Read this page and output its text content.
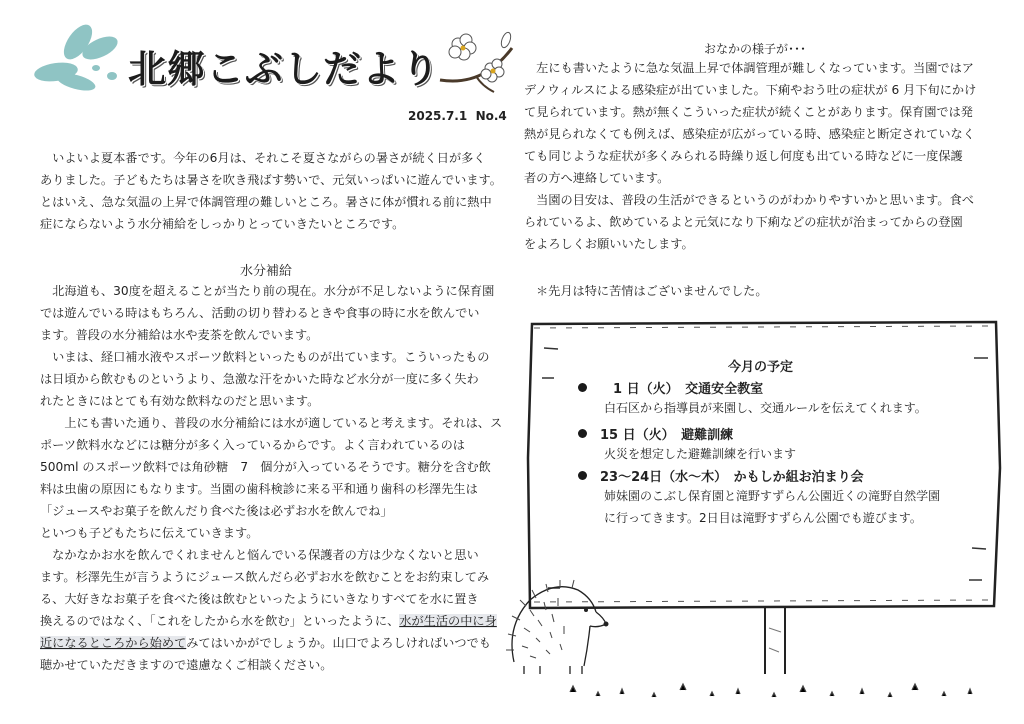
北郷こぶしだより
2025.7.1 No.4
　いよいよ夏本番です。今年の6月は、それこそ夏さながらの暑さが続く日が多く
ありました。子どもたちは暑さを吹き飛ばす勢いで、元気いっぱいに遊んでいます。
とはいえ、急な気温の上昇で体調管理の難しいところ。暑さに体が慣れる前に熱中
症にならないよう水分補給をしっかりとっていきたいところです。
水分補給
　北海道も、30度を超えることが当たり前の現在。水分が不足しないように保育園
では遊んでいる時はもちろん、活動の切り替わるときや食事の時に水を飲んでい
ます。普段の水分補給は水や麦茶を飲んでいます。
　いまは、経口補水液やスポーツ飲料といったものが出ています。こういったもの
は日頃から飲むものというより、急激な汗をかいた時など水分が一度に多く失わ
れたときにはとても有効な飲料なのだと思います。
　　上にも書いた通り、普段の水分補給には水が適していると考えます。それは、ス
ポーツ飲料水などには糖分が多く入っているからです。よく言われているのは
500ml のスポーツ飲料では角砂糖　7　個分が入っているそうです。糖分を含む飲
料は虫歯の原因にもなります。当園の歯科検診に来る平和通り歯科の杉澤先生は
「ジュースやお菓子を飲んだり食べた後は必ずお水を飲んでね」
といつも子どもたちに伝えていきます。
　なかなかお水を飲んでくれませんと悩んでいる保護者の方は少なくないと思い
ます。杉澤先生が言うようにジュース飲んだら必ずお水を飲むことをお約束してみ
る、大好きなお菓子を食べた後は飲むといったようにいきなりすべてを水に置き
換えるのではなく、「これをしたから水を飲む」といったように、水が生活の中に身
近になるところから始めてみてはいかがでしょうか。山口でよろしければいつでも
聴かせていただきますので遠慮なくご相談ください。
おなかの様子が･･･
　左にも書いたように急な気温上昇で体調管理が難しくなっています。当園ではア
デノウィルスによる感染症が出ていました。下痢やおう吐の症状が 6 月下旬にかけ
て見られています。熱が無くこういった症状が続くことがあります。保育園では発
熱が見られなくても例えば、感染症が広がっている時、感染症と断定されていなく
ても同じような症状が多くみられる時繰り返し何度も出ている時などに一度保護
者の方へ連絡しています。
　当園の目安は、普段の生活ができるというのがわかりやすいかと思います。食べ
られているよ、飲めているよと元気になり下痢などの症状が治まってからの登園
をよろしくお願いいたします。
＊先月は特に苦情はございませんでした。
今月の予定
　1 日（火）　交通安全教室
白石区から指導員が来園し、交通ルールを伝えてくれます。
15 日（火）　避難訓練
火災を想定した避難訓練を行います
23～24日（水～木）　かもしか組お泊まり会
姉妹園のこぶし保育園と滝野すずらん公園近くの滝野自然学園
に行ってきます。2日目は滝野すずらん公園でも遊びます。
